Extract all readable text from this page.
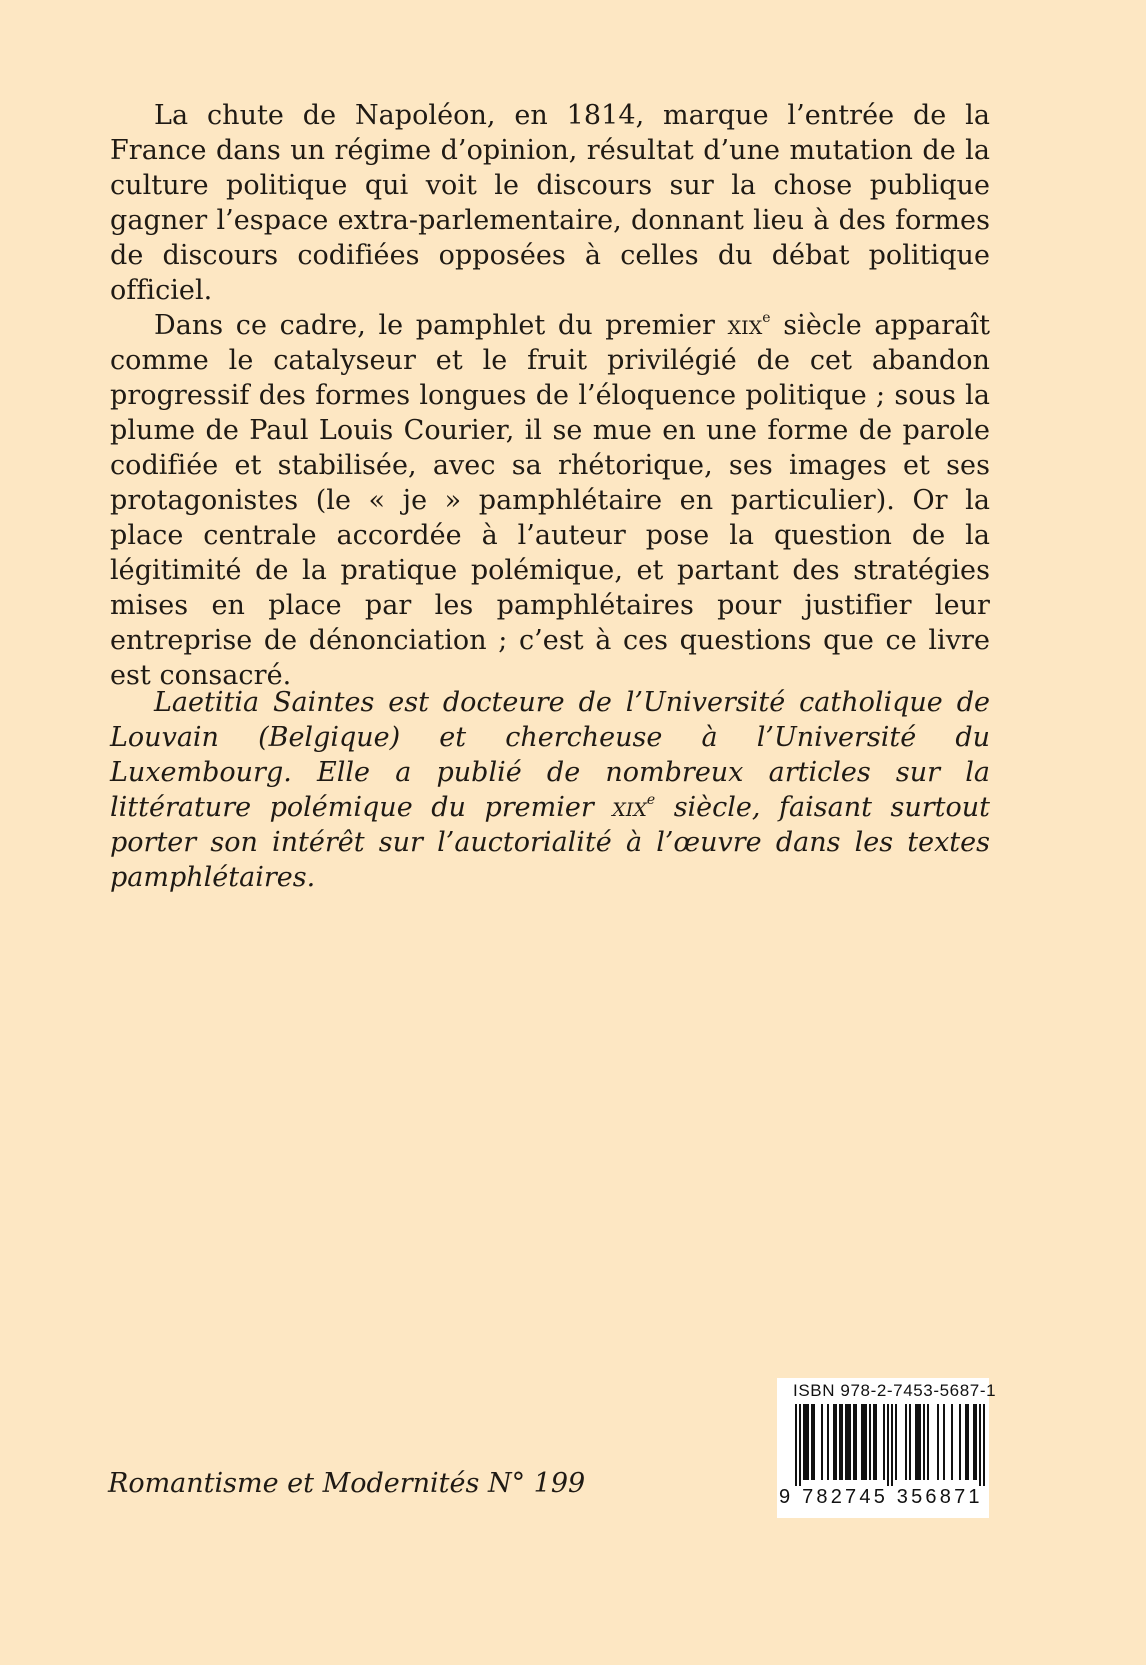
La chute de Napoléon, en 1814, marque l’entrée de la France dans un régime d’opinion, résultat d’une mutation de la culture politique qui voit le discours sur la chose publique gagner l’espace extra-parlementaire, donnant lieu à des formes de discours codifiées opposées à celles du débat politique officiel.

Dans ce cadre, le pamphlet du premier xix$^e$ siècle apparaît comme le catalyseur et le fruit privilégié de cet abandon progressif des formes longues de l’éloquence politique ; sous la plume de Paul Louis Courier, il se mue en une forme de parole codifiée et stabilisée, avec sa rhétorique, ses images et ses protagonistes (le « je » pamphlétaire en particulier). Or la place centrale accordée à l’auteur pose la question de la légitimité de la pratique polémique, et partant des stratégies mises en place par les pamphlétaires pour justifier leur entreprise de dénonciation ; c’est à ces questions que ce livre est consacré.

Laetitia Saintes est docteure de l’Université catholique de Louvain (Belgique) et chercheuse à l’Université du Luxembourg. Elle a publié de nombreux articles sur la littérature polémique du premier xix$^e$ siècle, faisant surtout porter son intérêt sur l’auctorialité à l’œuvre dans les textes pamphlétaires.

Romantisme et Modernités N° 199
ISBN 978-2-7453-5687-1
9 782745 356871
